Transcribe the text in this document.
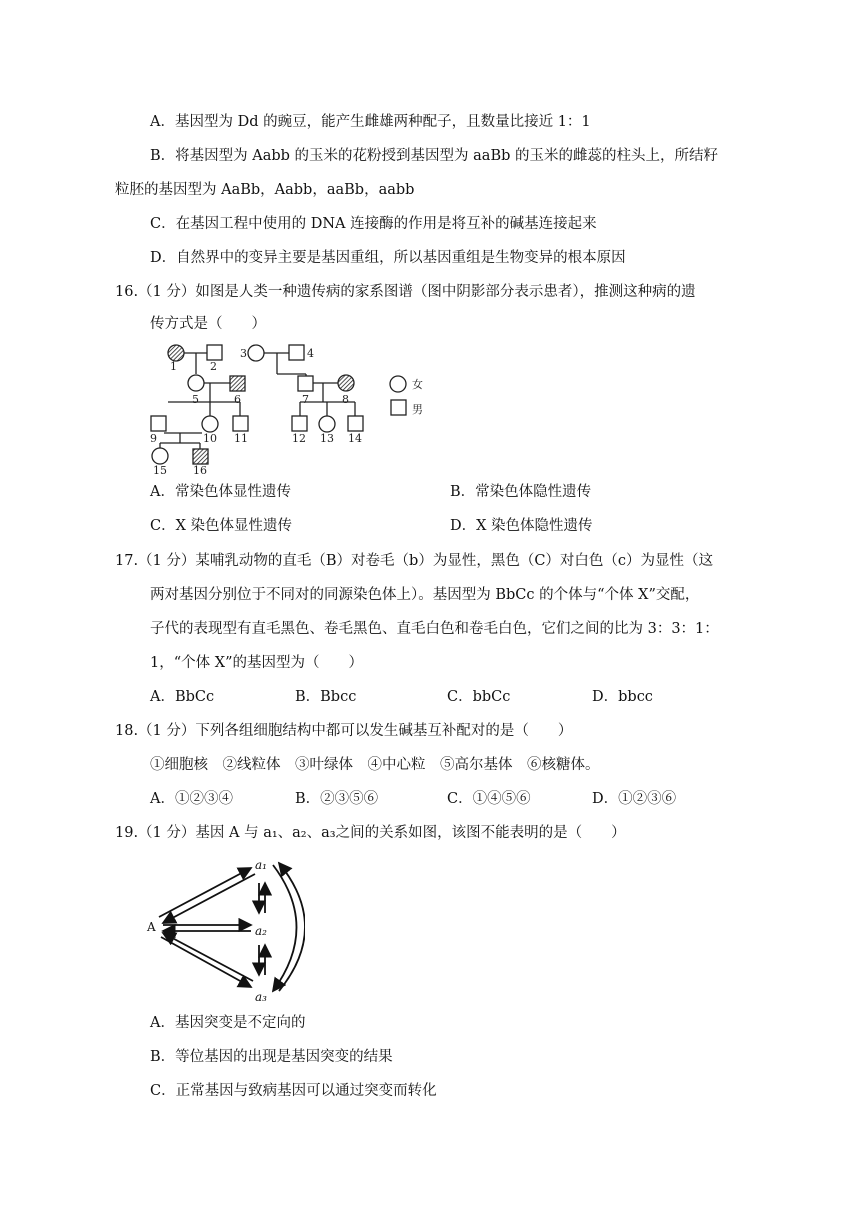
A．基因型为 Dd 的豌豆，能产生雌雄两种配子，且数量比接近 1：1
B．将基因型为 Aabb 的玉米的花粉授到基因型为 aaBb 的玉米的雌蕊的柱头上，所结籽
粒胚的基因型为 AaBb，Aabb，aaBb，aabb
C．在基因工程中使用的 DNA 连接酶的作用是将互补的碱基连接起来
D．自然界中的变异主要是基因重组，所以基因重组是生物变异的根本原因
16.（1 分）如图是人类一种遗传病的家系图谱（图中阴影部分表示患者），推测这种病的遗
传方式是（　　）
1	2
3	4
5	6	7	8
9	10 11	12 13 14
15 16
女
男
A．常染色体显性遗传	B．常染色体隐性遗传
C．X 染色体显性遗传	D．X 染色体隐性遗传
17.（1 分）某哺乳动物的直毛（B）对卷毛（b）为显性，黑色（C）对白色（c）为显性（这
两对基因分别位于不同对的同源染色体上）。基因型为 BbCc 的个体与“个体 X”交配，
子代的表现型有直毛黑色、卷毛黑色、直毛白色和卷毛白色，它们之间的比为 3：3：1：
1，“个体 X”的基因型为（　　）
A．BbCc	B．Bbcc	C．bbCc	D．bbcc
18.（1 分）下列各组细胞结构中都可以发生碱基互补配对的是（　　）
①细胞核　②线粒体　③叶绿体　④中心粒　⑤高尔基体　⑥核糖体。
A．①②③④	B．②③⑤⑥	C．①④⑤⑥	D．①②③⑥
19.（1 分）基因 A 与 a₁、a₂、a₃之间的关系如图，该图不能表明的是（　　）
A
a₁
a₂
a₃
A．基因突变是不定向的
B．等位基因的出现是基因突变的结果
C．正常基因与致病基因可以通过突变而转化
